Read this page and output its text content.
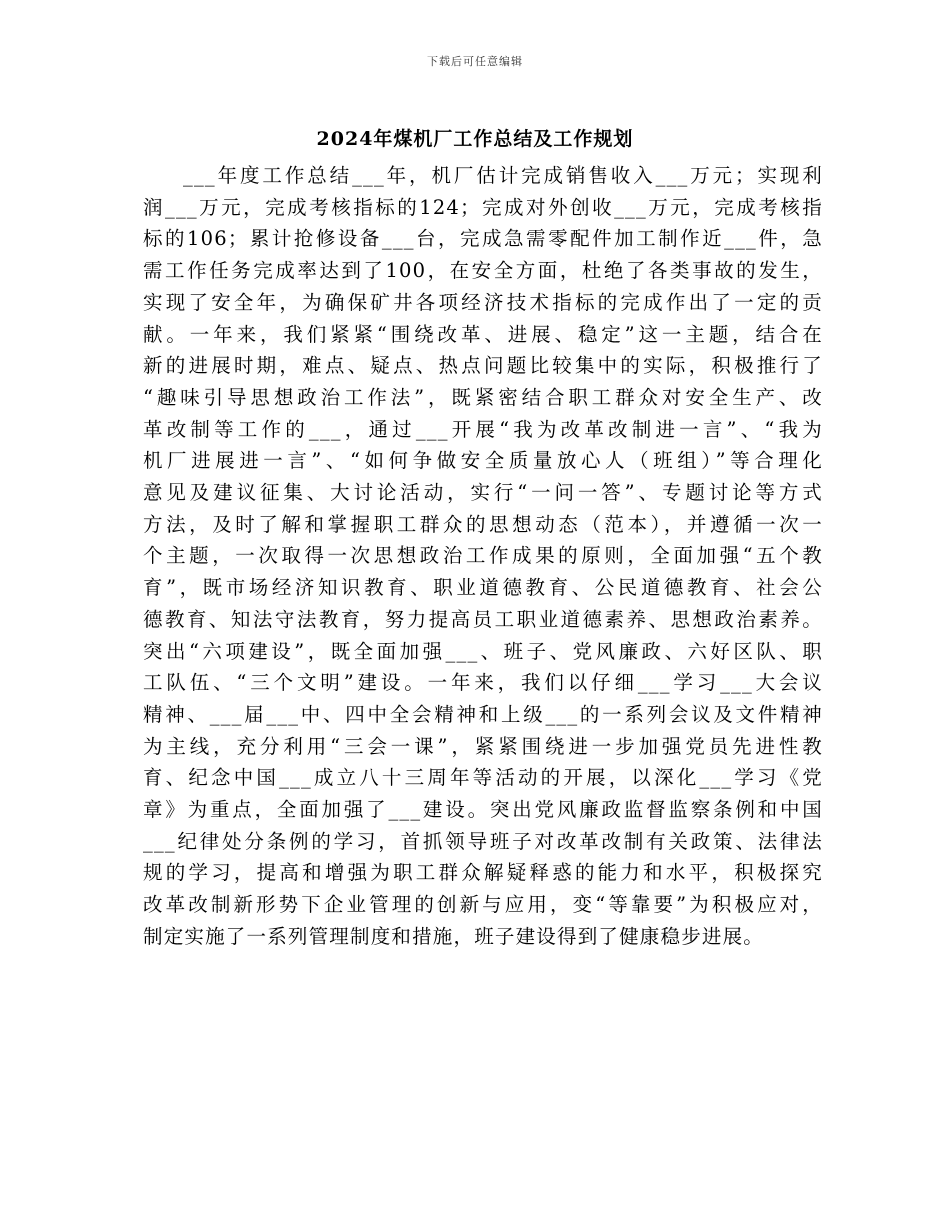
下载后可任意编辑
2024年煤机厂工作总结及工作规划
___年度工作总结___年，机厂估计完成销售收入___万元；实现利
润___万元，完成考核指标的124；完成对外创收___万元，完成考核指
标的106；累计抢修设备___台，完成急需零配件加工制作近___件，急
需工作任务完成率达到了100，在安全方面，杜绝了各类事故的发生，
实现了安全年，为确保矿井各项经济技术指标的完成作出了一定的贡
献。一年来，我们紧紧“围绕改革、进展、稳定”这一主题，结合在
新的进展时期，难点、疑点、热点问题比较集中的实际，积极推行了
“趣味引导思想政治工作法”，既紧密结合职工群众对安全生产、改
革改制等工作的___，通过___开展“我为改革改制进一言”、“我为
机厂进展进一言”、“如何争做安全质量放心人（班组）”等合理化
意见及建议征集、大讨论活动，实行“一问一答”、专题讨论等方式
方法，及时了解和掌握职工群众的思想动态（范本），并遵循一次一
个主题，一次取得一次思想政治工作成果的原则，全面加强“五个教
育”，既市场经济知识教育、职业道德教育、公民道德教育、社会公
德教育、知法守法教育，努力提高员工职业道德素养、思想政治素养。
突出“六项建设”，既全面加强___、班子、党风廉政、六好区队、职
工队伍、“三个文明”建设。一年来，我们以仔细___学习___大会议
精神、___届___中、四中全会精神和上级___的一系列会议及文件精神
为主线，充分利用“三会一课”，紧紧围绕进一步加强党员先进性教
育、纪念中国___成立八十三周年等活动的开展，以深化___学习《党
章》为重点，全面加强了___建设。突出党风廉政监督监察条例和中国
___纪律处分条例的学习，首抓领导班子对改革改制有关政策、法律法
规的学习，提高和增强为职工群众解疑释惑的能力和水平，积极探究
改革改制新形势下企业管理的创新与应用，变“等靠要”为积极应对，
制定实施了一系列管理制度和措施，班子建设得到了健康稳步进展。
